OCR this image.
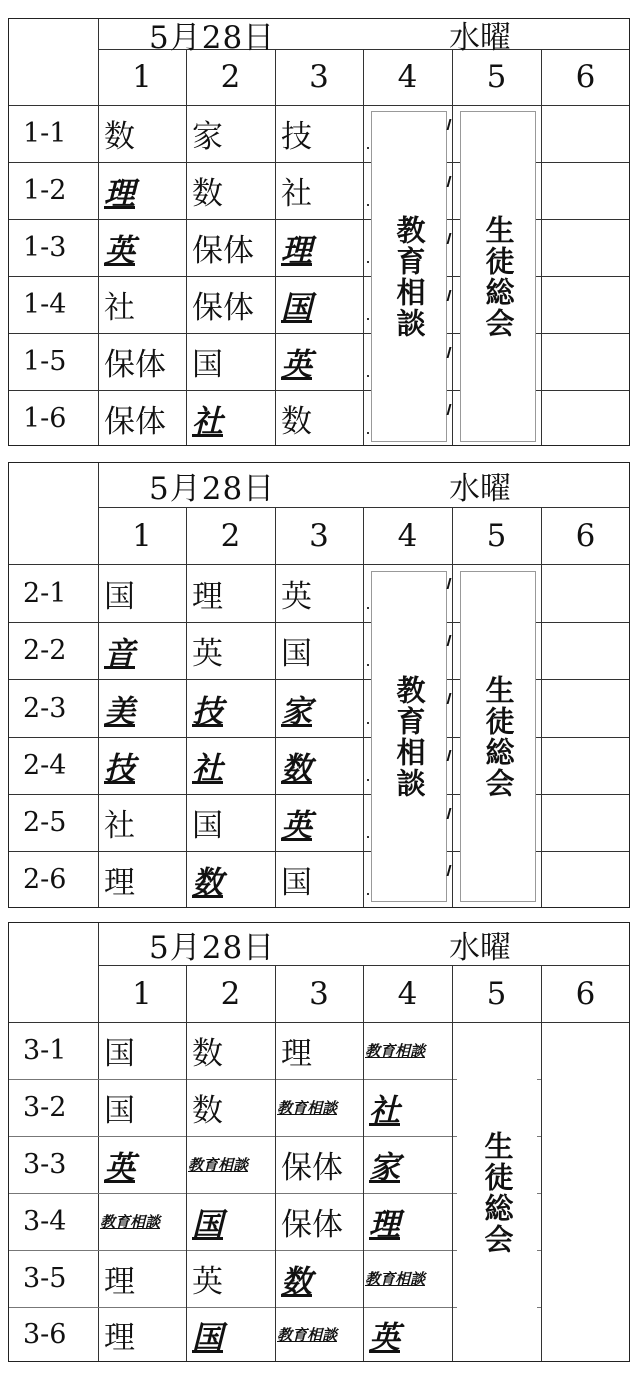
5月28日	水曜
1	2	3	4	5	6
1-1 数 家 技
1-2 理 数 社
1-3 英 保体 理
1-4 社 保体 国
1-5 保体 国 英
1-6 保体 社 数
教育相談 生徒総会
5月28日	水曜
1	2	3	4	5	6
2-1 国 理 英
2-2 音 英 国
2-3 美 技 家
2-4 技 社 数
2-5 社 国 英
2-6 理 数 国
教育相談 生徒総会
5月28日	水曜
1	2	3	4	5	6
3-1 国 数 理	教育相談
3-2 国 数	教育相談 社
3-3 英	教育相談 保体 家
3-4 教育相談 国 保体 理
3-5 理 英 数	教育相談
3-6 理 国	教育相談 英
生徒総会
